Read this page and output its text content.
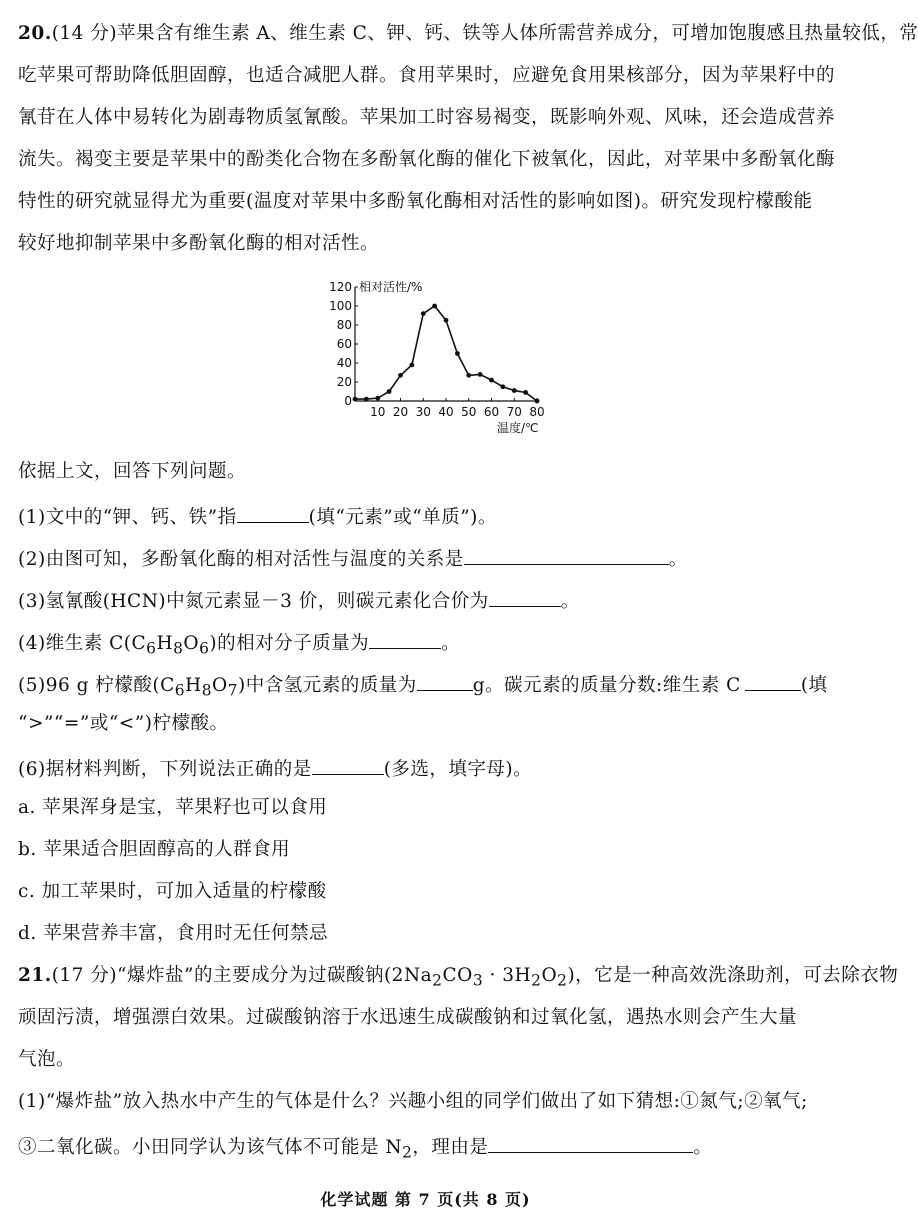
20.(14 分)苹果含有维生素 A、维生素 C、钾、钙、铁等人体所需营养成分，可增加饱腹感且热量较低，常
吃苹果可帮助降低胆固醇，也适合减肥人群。食用苹果时，应避免食用果核部分，因为苹果籽中的
氰苷在人体中易转化为剧毒物质氢氰酸。苹果加工时容易褐变，既影响外观、风味，还会造成营养
流失。褐变主要是苹果中的酚类化合物在多酚氧化酶的催化下被氧化，因此，对苹果中多酚氧化酶
特性的研究就显得尤为重要(温度对苹果中多酚氧化酶相对活性的影响如图)。研究发现柠檬酸能
较好地抑制苹果中多酚氧化酶的相对活性。
0
20
40
60
80
100
120
10 20 30 40 50 60 70 80
相对活性/%
温度/℃
依据上文，回答下列问题。
(1)文中的“钾、钙、铁”指	(填“元素”或“单质”)。
(2)由图可知，多酚氧化酶的相对活性与温度的关系是	。
(3)氢氰酸(HCN)中氮元素显－3 价，则碳元素化合价为	。
(4)维生素 $C(C_6H_8O_6)$的相对分子质量为	。
(5)96 g 柠檬酸$(C_6H_8O_7)$中含氢元素的质量为	g。碳元素的质量分数:维生素 C	(填
“>”“=”或“<”)柠檬酸。
(6)据材料判断，下列说法正确的是	(多选，填字母)。
a. 苹果浑身是宝，苹果籽也可以食用
b. 苹果适合胆固醇高的人群食用
c. 加工苹果时，可加入适量的柠檬酸
d. 苹果营养丰富，食用时无任何禁忌
21.(17 分)“爆炸盐”的主要成分为过碳酸钠$(2Na_2CO_3 \cdot 3H_2O_2)$，它是一种高效洗涤助剂，可去除衣物
顽固污渍，增强漂白效果。过碳酸钠溶于水迅速生成碳酸钠和过氧化氢，遇热水则会产生大量
气泡。
(1)“爆炸盐”放入热水中产生的气体是什么？兴趣小组的同学们做出了如下猜想:①氮气;②氧气;
③二氧化碳。小田同学认为该气体不可能是 $N_2$，理由是	。
化学试题 第 7 页(共 8 页)
